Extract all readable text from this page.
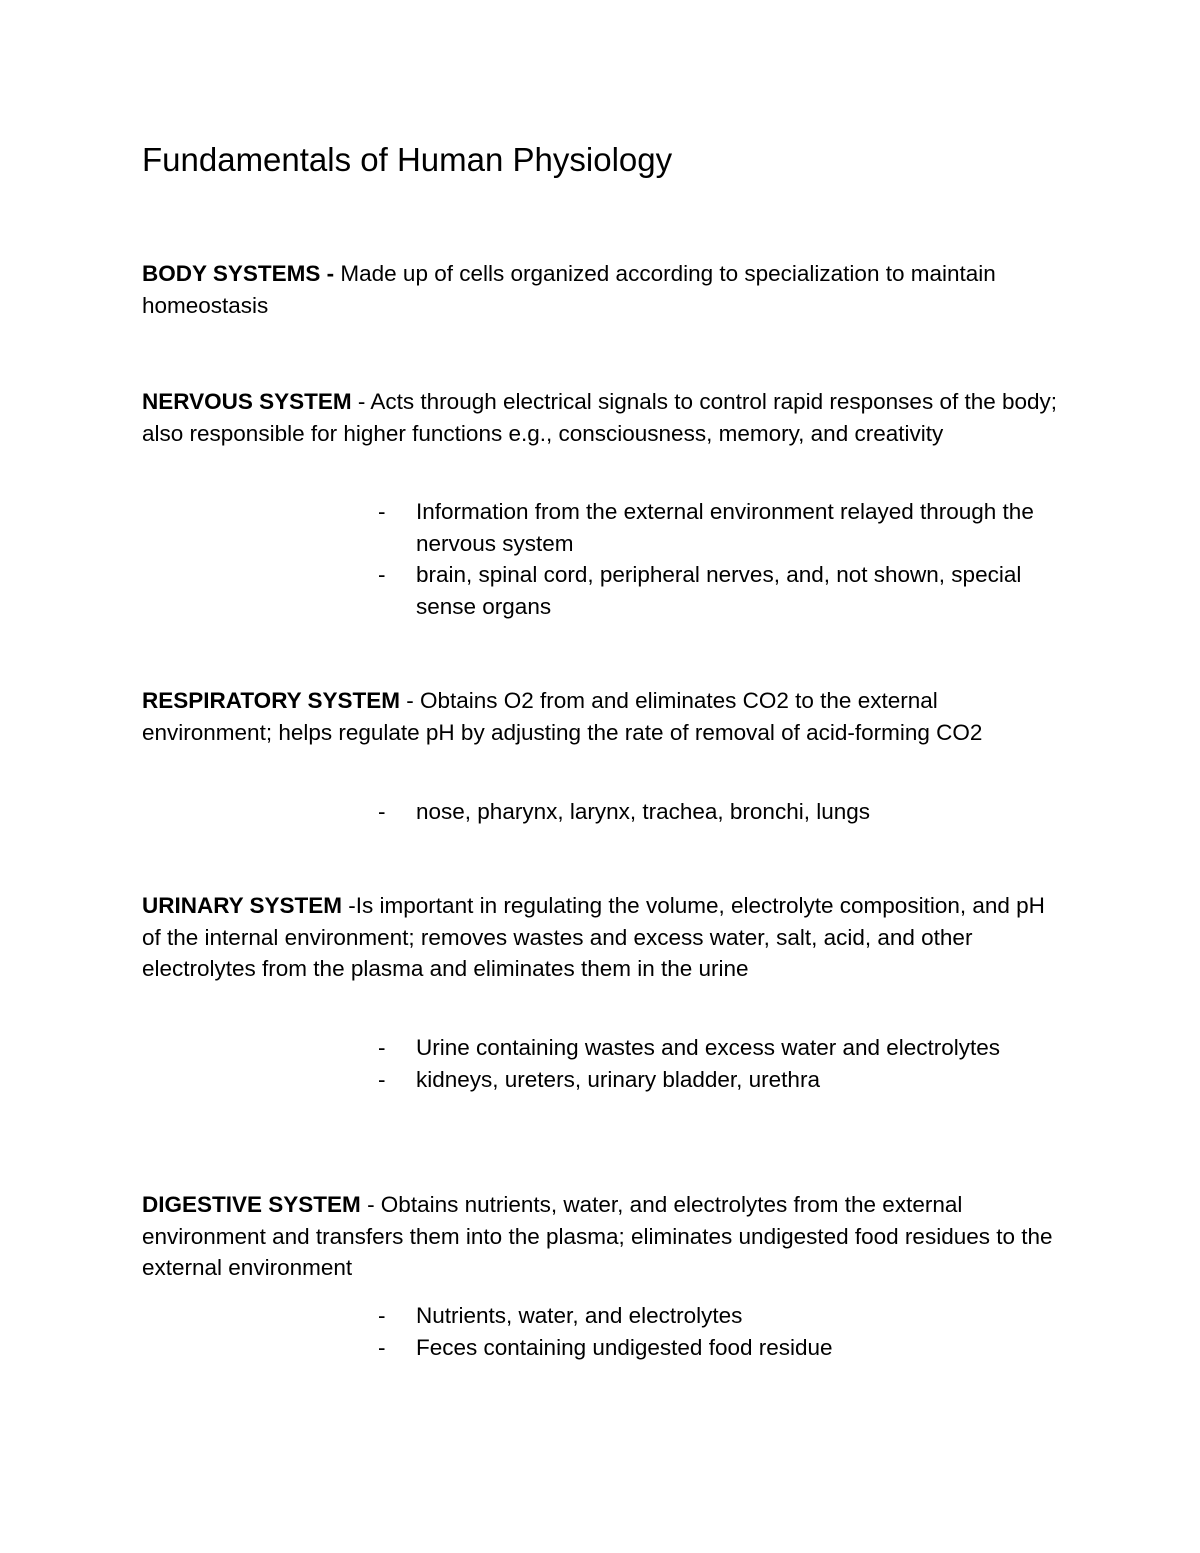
Fundamentals of Human Physiology

BODY SYSTEMS - Made up of cells organized according to specialization to maintain homeostasis

NERVOUS SYSTEM - Acts through electrical signals to control rapid responses of the body; also responsible for higher functions e.g., consciousness, memory, and creativity

- Information from the external environment relayed through the nervous system
- brain, spinal cord, peripheral nerves, and, not shown, special sense organs

RESPIRATORY SYSTEM - Obtains O2 from and eliminates CO2 to the external environment; helps regulate pH by adjusting the rate of removal of acid-forming CO2

- nose, pharynx, larynx, trachea, bronchi, lungs

URINARY SYSTEM -Is important in regulating the volume, electrolyte composition, and pH of the internal environment; removes wastes and excess water, salt, acid, and other electrolytes from the plasma and eliminates them in the urine

- Urine containing wastes and excess water and electrolytes
- kidneys, ureters, urinary bladder, urethra

DIGESTIVE SYSTEM - Obtains nutrients, water, and electrolytes from the external environment and transfers them into the plasma; eliminates undigested food residues to the external environment

- Nutrients, water, and electrolytes
- Feces containing undigested food residue
